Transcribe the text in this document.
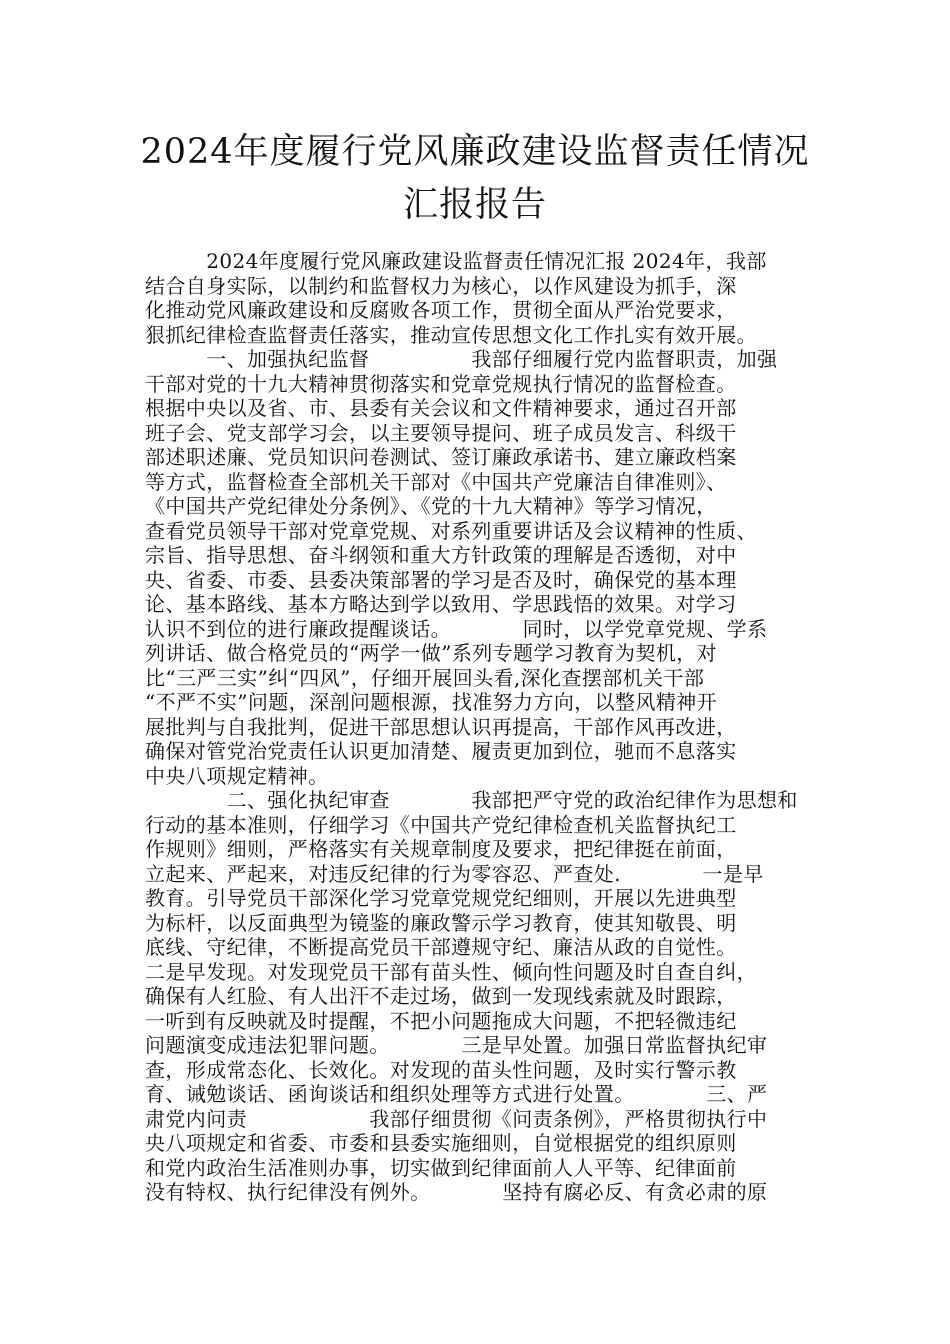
2024年度履行党风廉政建设监督责任情况
汇报报告
　　　2024年度履行党风廉政建设监督责任情况汇报 2024年，我部
结合自身实际，以制约和监督权力为核心，以作风建设为抓手，深
化推动党风廉政建设和反腐败各项工作，贯彻全面从严治党要求，
狠抓纪律检查监督责任落实，推动宣传思想文化工作扎实有效开展。
　　　一、加强执纪监督　　　　　我部仔细履行党内监督职责，加强
干部对党的十九大精神贯彻落实和党章党规执行情况的监督检查。
根据中央以及省、市、县委有关会议和文件精神要求，通过召开部
班子会、党支部学习会，以主要领导提问、班子成员发言、科级干
部述职述廉、党员知识问卷测试、签订廉政承诺书、建立廉政档案
等方式，监督检查全部机关干部对《中国共产党廉洁自律准则》、
《中国共产党纪律处分条例》、《党的十九大精神》等学习情况，
查看党员领导干部对党章党规、对系列重要讲话及会议精神的性质、
宗旨、指导思想、奋斗纲领和重大方针政策的理解是否透彻，对中
央、省委、市委、县委决策部署的学习是否及时，确保党的基本理
论、基本路线、基本方略达到学以致用、学思践悟的效果。对学习
认识不到位的进行廉政提醒谈话。　　　　同时，以学党章党规、学系
列讲话、做合格党员的“两学一做”系列专题学习教育为契机，对
比“三严三实”纠“四风”，仔细开展回头看,深化查摆部机关干部
“不严不实”问题，深剖问题根源，找准努力方向，以整风精神开
展批判与自我批判，促进干部思想认识再提高，干部作风再改进，
确保对管党治党责任认识更加清楚、履责更加到位，驰而不息落实
中央八项规定精神。
　　　　二、强化执纪审查　　　　我部把严守党的政治纪律作为思想和
行动的基本准则，仔细学习《中国共产党纪律检查机关监督执纪工
作规则》细则，严格落实有关规章制度及要求，把纪律挺在前面，
立起来、严起来，对违反纪律的行为零容忍、严查处.　　　　一是早
教育。引导党员干部深化学习党章党规党纪细则，开展以先进典型
为标杆，以反面典型为镜鉴的廉政警示学习教育，使其知敬畏、明
底线、守纪律，不断提高党员干部遵规守纪、廉洁从政的自觉性。
二是早发现。对发现党员干部有苗头性、倾向性问题及时自查自纠，
确保有人红脸、有人出汗不走过场，做到一发现线索就及时跟踪，
一听到有反映就及时提醒，不把小问题拖成大问题，不把轻微违纪
问题演变成违法犯罪问题。　　　　三是早处置。加强日常监督执纪审
查，形成常态化、长效化。对发现的苗头性问题，及时实行警示教
育、诫勉谈话、函询谈话和组织处理等方式进行处置。　　　　三、严
肃党内问责　　　　　　我部仔细贯彻《问责条例》，严格贯彻执行中
央八项规定和省委、市委和县委实施细则，自觉根据党的组织原则
和党内政治生活准则办事，切实做到纪律面前人人平等、纪律面前
没有特权、执行纪律没有例外。　　　　坚持有腐必反、有贪必肃的原
